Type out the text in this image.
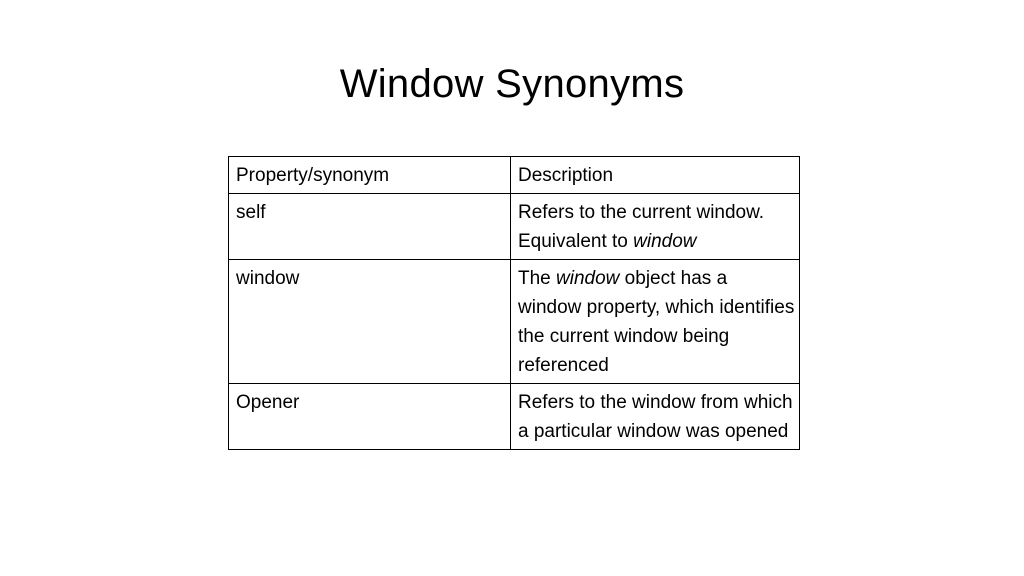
Window Synonyms
Property/synonym	Description
self	Refers to the current window. Equivalent to window
window	The window object has a window property, which identifies the current window being referenced
Opener	Refers to the window from which a particular window was opened
